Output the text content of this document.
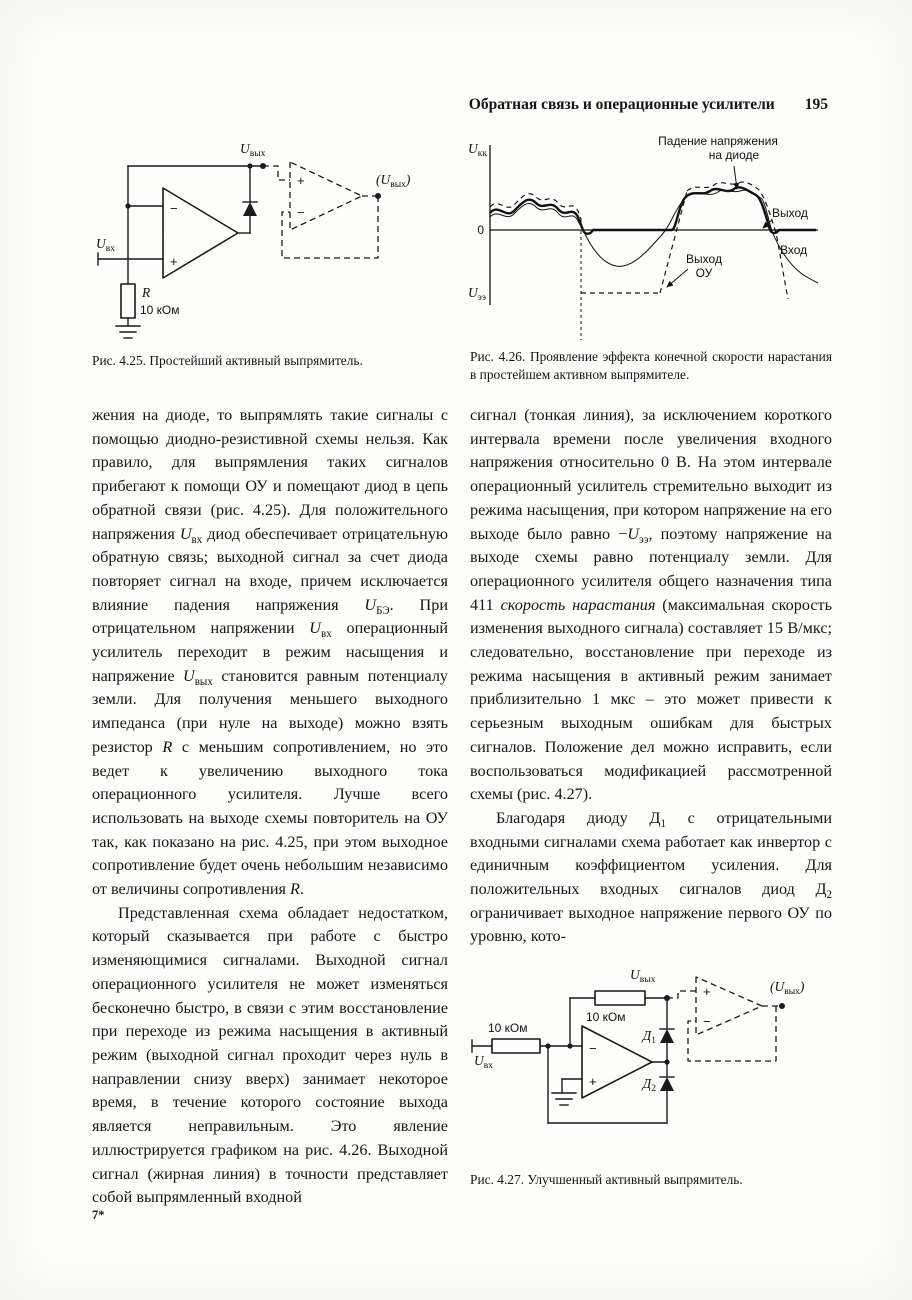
Обратная связь и операционные усилители 195
−
+
+
−
$U_{вых}$
$(U_{вых})$
$U_{вх}$
R
10 кОм
$U_{кк}$
0
$U_{ээ}$
Падение напряжения
на диоде
Выход
Вход
Выход
ОУ

Рис. 4.25. Простейший активный выпрямитель.	Рис. 4.26. Проявление эффекта конечной скорости нарастания в простейшем активном выпрямителе.

жения на диоде, то выпрямлять такие сигналы с помощью диодно-резистивной схемы нельзя. Как правило, для выпрямления таких сигналов прибегают к помощи ОУ и помещают диод в цепь обратной связи (рис. 4.25). Для положительного напряжения $U_{вх}$ диод обеспечивает отрицательную обратную связь; выходной сигнал за счет диода повторяет сигнал на входе, причем исключается влияние падения напряжения $U_{БЭ}$. При отрицательном напряжении $U_{вх}$ операционный усилитель переходит в режим насыщения и напряжение $U_{вых}$ становится равным потенциалу земли. Для получения меньшего выходного импеданса (при нуле на выходе) можно взять резистор R с меньшим сопротивлением, но это ведет к увеличению выходного тока операционного усилителя. Лучше всего использовать на выходе схемы повторитель на ОУ так, как показано на рис. 4.25, при этом выходное сопротивление будет очень небольшим независимо от величины сопротивления R.

Представленная схема обладает недостатком, который сказывается при работе с быстро изменяющимися сигналами. Выходной сигнал операционного усилителя не может изменяться бесконечно быстро, в связи с этим восстановление при переходе из режима насыщения в активный режим (выходной сигнал проходит через нуль в направлении снизу вверх) занимает некоторое время, в течение которого состояние выхода является неправильным. Это явление иллюстрируется графиком на рис. 4.26. Выходной сигнал (жирная линия) в точности представляет собой выпрямленный входной

сигнал (тонкая линия), за исключением короткого интервала времени после увеличения входного напряжения относительно 0 В. На этом интервале операционный усилитель стремительно выходит из режима насыщения, при котором напряжение на его выходе было равно $-U_{ээ}$, поэтому напряжение на выходе схемы равно потенциалу земли. Для операционного усилителя общего назначения типа 411 скорость нарастания (максимальная скорость изменения выходного сигнала) составляет 15 В/мкс; следовательно, восстановление при переходе из режима насыщения в активный режим занимает приблизительно 1 мкс – это может привести к серьезным выходным ошибкам для быстрых сигналов. Положение дел можно исправить, если воспользоваться модификацией рассмотренной схемы (рис. 4.27).

Благодаря диоду $Д_1$ с отрицательными входными сигналами схема работает как инвертор с единичным коэффициентом усиления. Для положительных входных сигналов диод $Д_2$ ограничивает выходное напряжение первого ОУ по уровню, кото-

−
+
+
−
10 кОм
10 кОм
$U_{вх}$
$U_{вых}$	$(U_{вых})$
$Д_1$
$Д_2$

Рис. 4.27. Улучшенный активный выпрямитель.

7*
